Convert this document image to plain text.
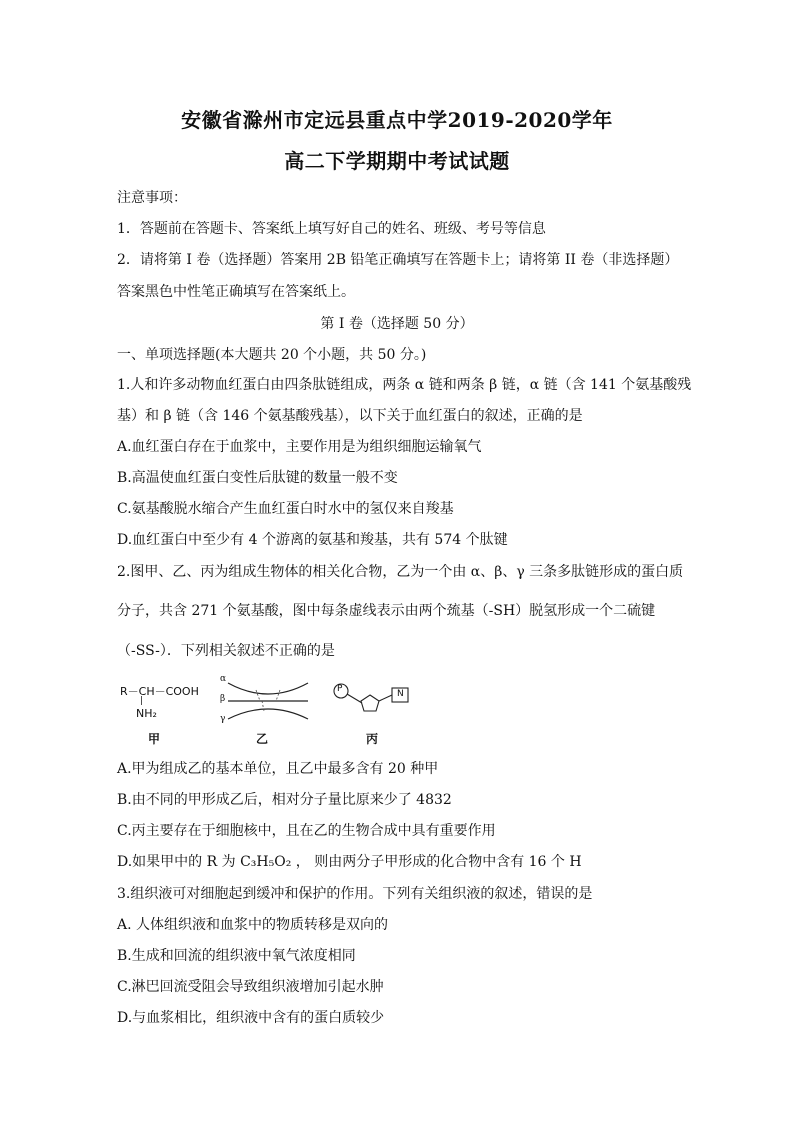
安徽省滁州市定远县重点中学2019-2020学年
高二下学期期中考试试题
注意事项：
1．答题前在答题卡、答案纸上填写好自己的姓名、班级、考号等信息
2．请将第 I 卷（选择题）答案用 2B 铅笔正确填写在答题卡上；请将第 II 卷（非选择题）
答案黑色中性笔正确填写在答案纸上。
第 I 卷（选择题 50 分）
一、单项选择题(本大题共 20 个小题，共 50 分。)
1.人和许多动物血红蛋白由四条肽链组成，两条 α 链和两条 β 链，α 链（含 141 个氨基酸残
基）和 β 链（含 146 个氨基酸残基），以下关于血红蛋白的叙述，正确的是
A.血红蛋白存在于血浆中，主要作用是为组织细胞运输氧气
B.高温使血红蛋白变性后肽键的数量一般不变
C.氨基酸脱水缩合产生血红蛋白时水中的氢仅来自羧基
D.血红蛋白中至少有 4 个游离的氨基和羧基，共有 574 个肽键
2.图甲、乙、丙为组成生物体的相关化合物，乙为一个由 α、β、γ 三条多肽链形成的蛋白质
分子，共含 271 个氨基酸，图中每条虚线表示由两个巯基（-SH）脱氢形成一个二硫键
（-SS-）．下列相关叙述不正确的是
R－CH－COOH
|
NH₂
α
β
γ
P	N
甲	乙	丙
A.甲为组成乙的基本单位，且乙中最多含有 20 种甲
B.由不同的甲形成乙后，相对分子量比原来少了 4832
C.丙主要存在于细胞核中，且在乙的生物合成中具有重要作用
D.如果甲中的 R 为 C₃H₅O₂ ， 则由两分子甲形成的化合物中含有 16 个 H
3.组织液可对细胞起到缓冲和保护的作用。下列有关组织液的叙述，错误的是
A. 人体组织液和血浆中的物质转移是双向的
B.生成和回流的组织液中氧气浓度相同
C.淋巴回流受阻会导致组织液增加引起水肿
D.与血浆相比，组织液中含有的蛋白质较少
